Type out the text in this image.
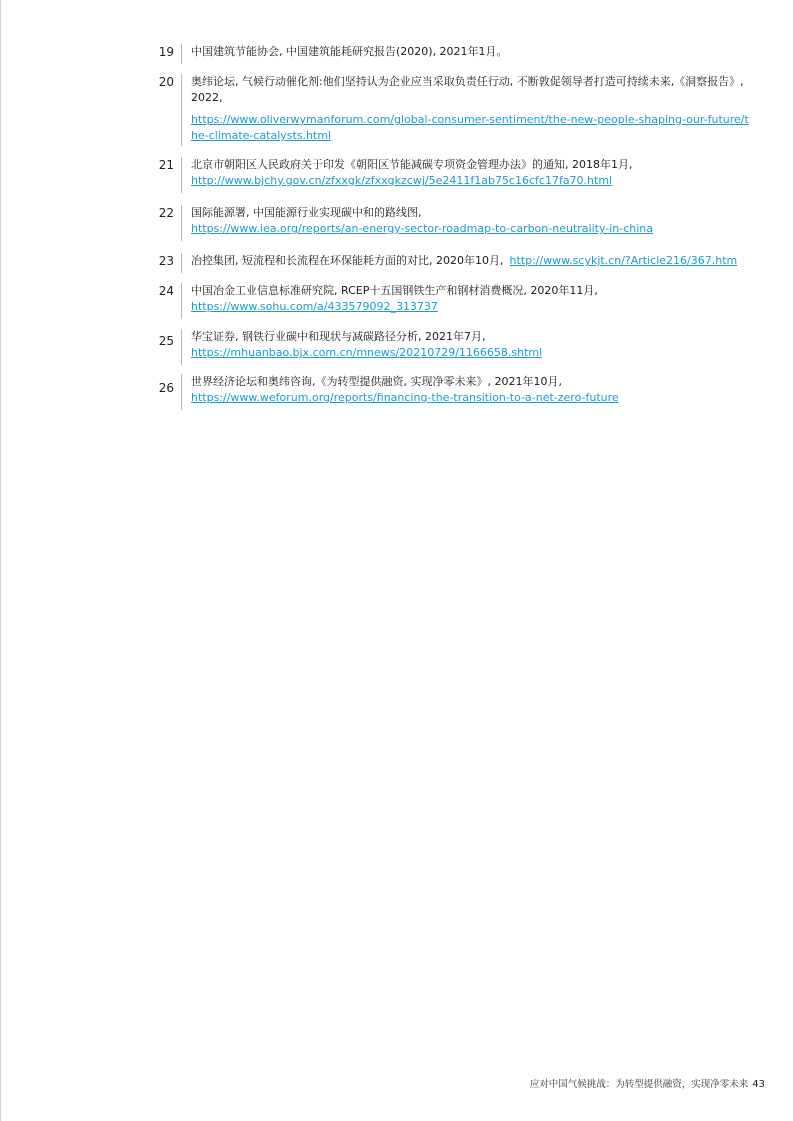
19 中国建筑节能协会, 中国建筑能耗研究报告(2020), 2021年1月。
20 奥纬论坛, 气候行动催化剂:他们坚持认为企业应当采取负责任行动, 不断敦促领导者打造可持续未来,《洞察报告》, 2022,
https://www.oliverwymanforum.com/global-consumer-sentiment/the-new-people-shaping-our-future/the-climate-catalysts.html
21 北京市朝阳区人民政府关于印发《朝阳区节能减碳专项资金管理办法》的通知, 2018年1月,
http://www.bjchy.gov.cn/zfxxgk/zfxxgkzcwj/5e2411f1ab75c16cfc17fa70.html
22 国际能源署, 中国能源行业实现碳中和的路线图,
https://www.iea.org/reports/an-energy-sector-roadmap-to-carbon-neutrality-in-china
23 冶控集团, 短流程和长流程在环保能耗方面的对比, 2020年10月, http://www.scykjt.cn/?Article216/367.htm
24 中国冶金工业信息标准研究院, RCEP十五国钢铁生产和钢材消费概况, 2020年11月,
https://www.sohu.com/a/433579092_313737
25 华宝证券, 钢铁行业碳中和现状与减碳路径分析, 2021年7月,
https://mhuanbao.bjx.com.cn/mnews/20210729/1166658.shtml
26 世界经济论坛和奥纬咨询,《为转型提供融资, 实现净零未来》, 2021年10月,
https://www.weforum.org/reports/financing-the-transition-to-a-net-zero-future
应对中国气候挑战：为转型提供融资，实现净零未来 43
